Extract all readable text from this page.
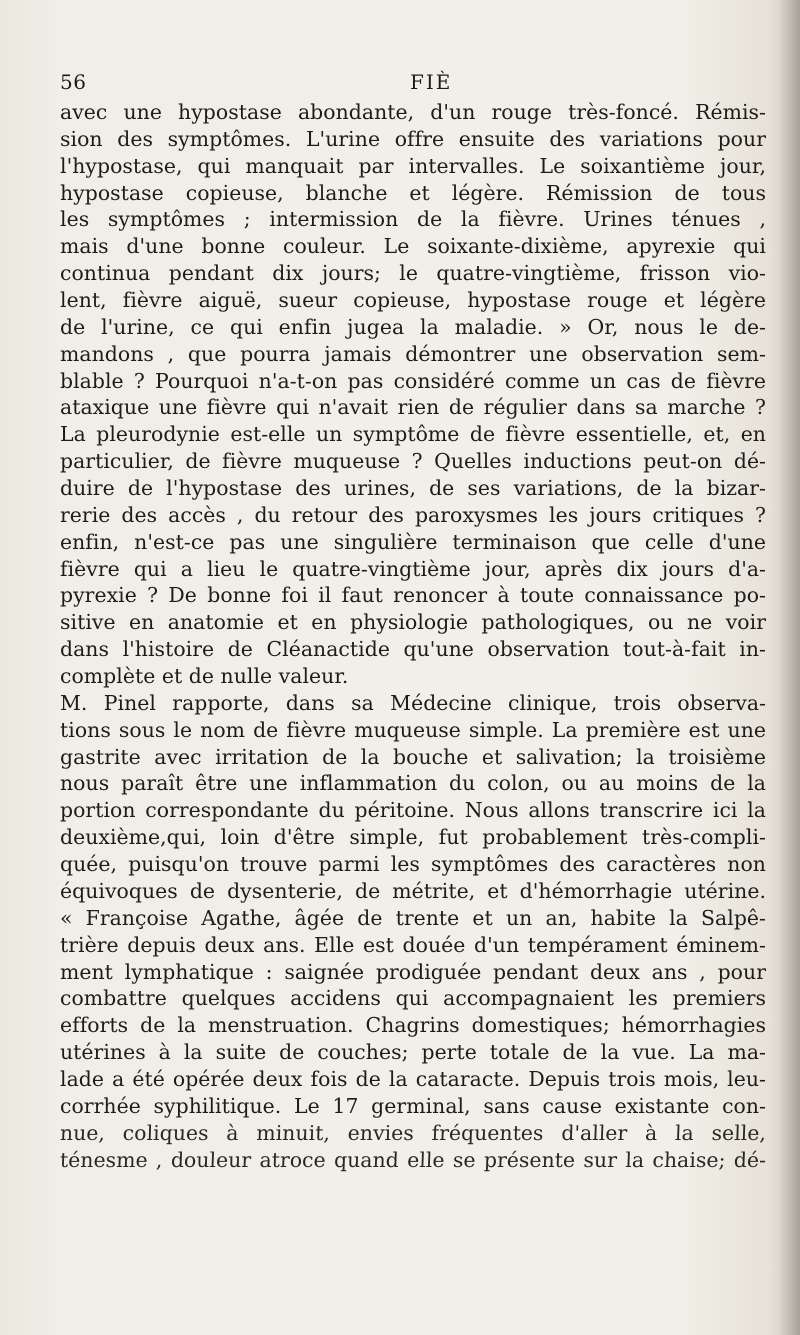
56	FIÈ
avec une hypostase abondante, d'un rouge très-foncé. Rémis-
sion des symptômes. L'urine offre ensuite des variations pour
l'hypostase, qui manquait par intervalles. Le soixantième jour,
hypostase copieuse, blanche et légère. Rémission de tous
les symptômes ; intermission de la fièvre. Urines ténues ,
mais d'une bonne couleur. Le soixante-dixième, apyrexie qui
continua pendant dix jours; le quatre-vingtième, frisson vio-
lent, fièvre aiguë, sueur copieuse, hypostase rouge et légère
de l'urine, ce qui enfin jugea la maladie. » Or, nous le de-
mandons , que pourra jamais démontrer une observation sem-
blable ? Pourquoi n'a-t-on pas considéré comme un cas de fièvre
ataxique une fièvre qui n'avait rien de régulier dans sa marche ?
La pleurodynie est-elle un symptôme de fièvre essentielle, et, en
particulier, de fièvre muqueuse ? Quelles inductions peut-on dé-
duire de l'hypostase des urines, de ses variations, de la bizar-
rerie des accès , du retour des paroxysmes les jours critiques ?
enfin, n'est-ce pas une singulière terminaison que celle d'une
fièvre qui a lieu le quatre-vingtième jour, après dix jours d'a-
pyrexie ? De bonne foi il faut renoncer à toute connaissance po-
sitive en anatomie et en physiologie pathologiques, ou ne voir
dans l'histoire de Cléanactide qu'une observation tout-à-fait in-
complète et de nulle valeur.
M. Pinel rapporte, dans sa Médecine clinique, trois observa-
tions sous le nom de fièvre muqueuse simple. La première est une
gastrite avec irritation de la bouche et salivation; la troisième
nous paraît être une inflammation du colon, ou au moins de la
portion correspondante du péritoine. Nous allons transcrire ici la
deuxième,qui, loin d'être simple, fut probablement très-compli-
quée, puisqu'on trouve parmi les symptômes des caractères non
équivoques de dysenterie, de métrite, et d'hémorrhagie utérine.
« Françoise Agathe, âgée de trente et un an, habite la Salpê-
trière depuis deux ans. Elle est douée d'un tempérament éminem-
ment lymphatique : saignée prodiguée pendant deux ans , pour
combattre quelques accidens qui accompagnaient les premiers
efforts de la menstruation. Chagrins domestiques; hémorrhagies
utérines à la suite de couches; perte totale de la vue. La ma-
lade a été opérée deux fois de la cataracte. Depuis trois mois, leu-
corrhée syphilitique. Le 17 germinal, sans cause existante con-
nue, coliques à minuit, envies fréquentes d'aller à la selle,
ténesme , douleur atroce quand elle se présente sur la chaise; dé-
